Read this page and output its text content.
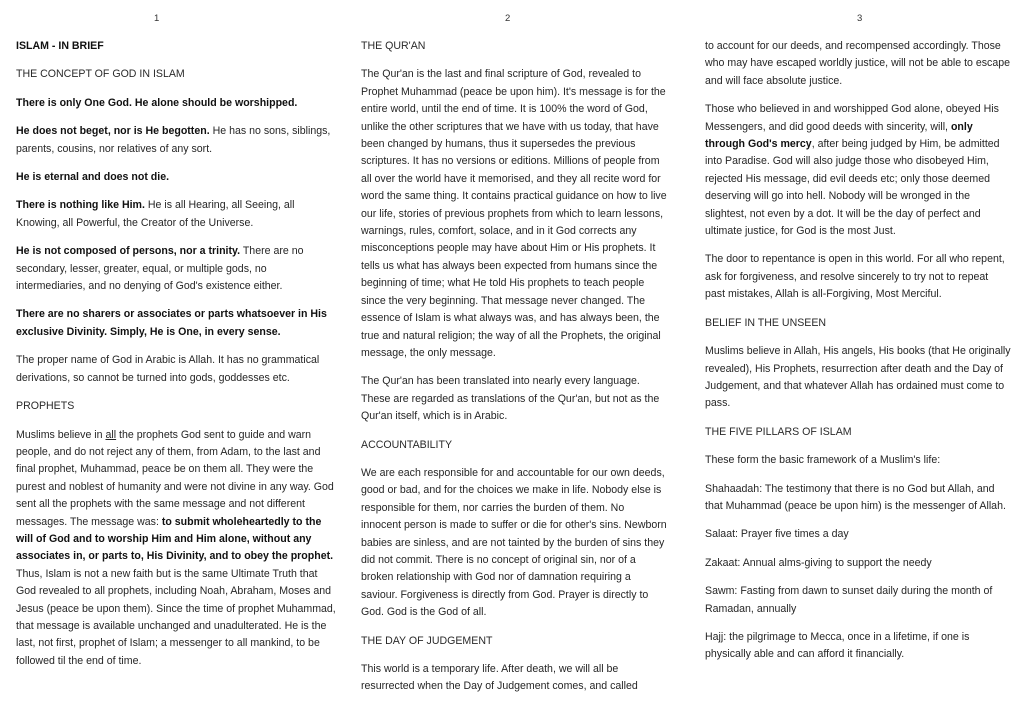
1	2	3

ISLAM - IN BRIEF

THE CONCEPT OF GOD IN ISLAM

There is only One God. He alone should be worshipped.

He does not beget, nor is He begotten. He has no sons, siblings, parents, cousins, nor relatives of any sort.

He is eternal and does not die.

There is nothing like Him. He is all Hearing, all Seeing, all Knowing, all Powerful, the Creator of the Universe.

He is not composed of persons, nor a trinity. There are no secondary, lesser, greater, equal, or multiple gods, no intermediaries, and no denying of God's existence either.

There are no sharers or associates or parts whatsoever in His exclusive Divinity. Simply, He is One, in every sense.

The proper name of God in Arabic is Allah. It has no grammatical derivations, so cannot be turned into gods, goddesses etc.

PROPHETS

Muslims believe in all the prophets God sent to guide and warn people, and do not reject any of them, from Adam, to the last and final prophet, Muhammad, peace be on them all. They were the purest and noblest of humanity and were not divine in any way. God sent all the prophets with the same message and not different messages. The message was: to submit wholeheartedly to the will of God and to worship Him and Him alone, without any associates in, or parts to, His Divinity, and to obey the prophet. Thus, Islam is not a new faith but is the same Ultimate Truth that God revealed to all prophets, including Noah, Abraham, Moses and Jesus (peace be upon them). Since the time of prophet Muhammad, that message is available unchanged and unadulterated. He is the last, not first, prophet of Islam; a messenger to all mankind, to be followed til the end of time.

THE QUR'AN

The Qur'an is the last and final scripture of God, revealed to Prophet Muhammad (peace be upon him). It's message is for the entire world, until the end of time. It is 100% the word of God, unlike the other scriptures that we have with us today, that have been changed by humans, thus it supersedes the previous scriptures. It has no versions or editions. Millions of people from all over the world have it memorised, and they all recite word for word the same thing. It contains practical guidance on how to live our life, stories of previous prophets from which to learn lessons, warnings, rules, comfort, solace, and in it God corrects any misconceptions people may have about Him or His prophets. It tells us what has always been expected from humans since the beginning of time; what He told His prophets to teach people since the very beginning. That message never changed. The essence of Islam is what always was, and has always been, the true and natural religion; the way of all the Prophets, the original message, the only message.

The Qur'an has been translated into nearly every language. These are regarded as translations of the Qur'an, but not as the Qur'an itself, which is in Arabic.

ACCOUNTABILITY

We are each responsible for and accountable for our own deeds, good or bad, and for the choices we make in life. Nobody else is responsible for them, nor carries the burden of them. No innocent person is made to suffer or die for other's sins. Newborn babies are sinless, and are not tainted by the burden of sins they did not commit. There is no concept of original sin, nor of a broken relationship with God nor of damnation requiring a saviour. Forgiveness is directly from God. Prayer is directly to God. God is the God of all.

THE DAY OF JUDGEMENT

This world is a temporary life. After death, we will all be resurrected when the Day of Judgement comes, and called

to account for our deeds, and recompensed accordingly. Those who may have escaped worldly justice, will not be able to escape and will face absolute justice.

Those who believed in and worshipped God alone, obeyed His Messengers, and did good deeds with sincerity, will, only through God's mercy, after being judged by Him, be admitted into Paradise. God will also judge those who disobeyed Him, rejected His message, did evil deeds etc; only those deemed deserving will go into hell. Nobody will be wronged in the slightest, not even by a dot. It will be the day of perfect and ultimate justice, for God is the most Just.

The door to repentance is open in this world. For all who repent, ask for forgiveness, and resolve sincerely to try not to repeat past mistakes, Allah is all-Forgiving, Most Merciful.

BELIEF IN THE UNSEEN

Muslims believe in Allah, His angels, His books (that He originally revealed), His Prophets, resurrection after death and the Day of Judgement, and that whatever Allah has ordained must come to pass.

THE FIVE PILLARS OF ISLAM

These form the basic framework of a Muslim's life:

Shahaadah: The testimony that there is no God but Allah, and that Muhammad (peace be upon him) is the messenger of Allah.

Salaat: Prayer five times a day

Zakaat: Annual alms-giving to support the needy

Sawm: Fasting from dawn to sunset daily during the month of Ramadan, annually

Hajj: the pilgrimage to Mecca, once in a lifetime, if one is physically able and can afford it financially.
